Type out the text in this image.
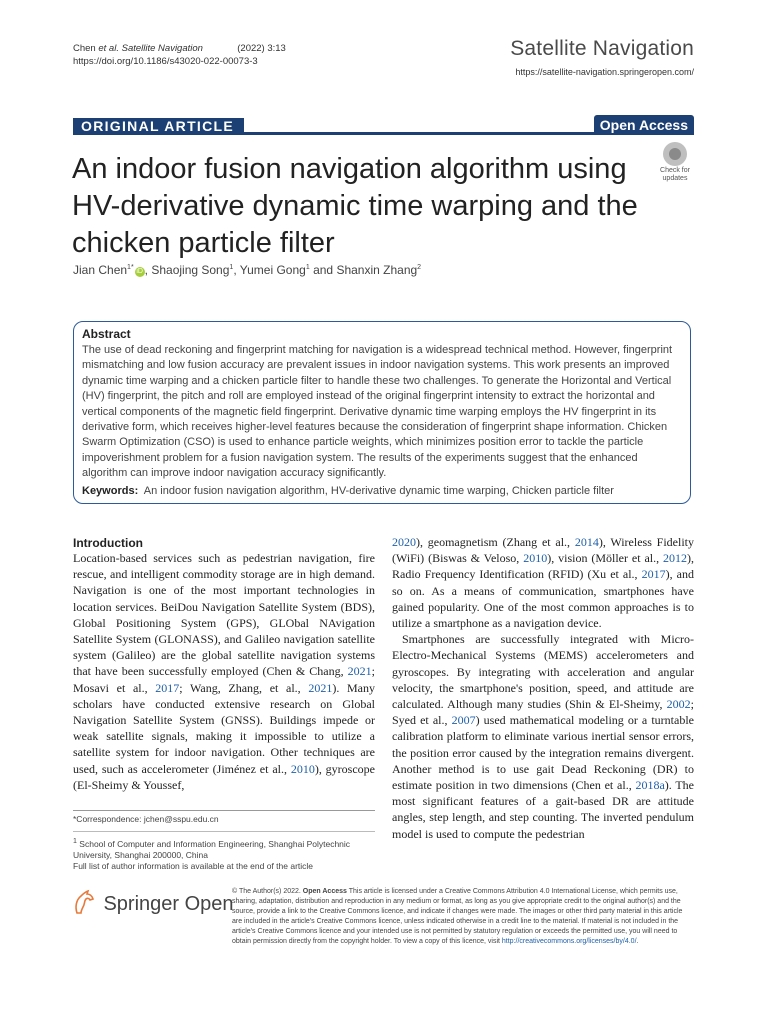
Chen et al. Satellite Navigation	(2022) 3:13
https://doi.org/10.1186/s43020-022-00073-3
Satellite Navigation
https://satellite-navigation.springeropen.com/
ORIGINAL ARTICLE	Open Access
An indoor fusion navigation algorithm using HV-derivative dynamic time warping and the chicken particle filter
Check for
updates
Jian Chen$^{1*}$iD , Shaojing Song$^1$, Yumei Gong$^1$ and Shanxin Zhang$^2$
Abstract

The use of dead reckoning and fingerprint matching for navigation is a widespread technical method. However, fingerprint mismatching and low fusion accuracy are prevalent issues in indoor navigation systems. This work presents an improved dynamic time warping and a chicken particle filter to handle these two challenges. To generate the Horizontal and Vertical (HV) fingerprint, the pitch and roll are employed instead of the original fingerprint intensity to extract the horizontal and vertical components of the magnetic field fingerprint. Derivative dynamic time warping employs the HV fingerprint in its derivative form, which receives higher-level features because the consideration of fingerprint shape information. Chicken Swarm Optimization (CSO) is used to enhance particle weights, which minimizes position error to tackle the particle impoverishment problem for a fusion navigation system. The results of the experiments suggest that the enhanced algorithm can improve indoor navigation accuracy significantly.

Keywords: An indoor fusion navigation algorithm, HV-derivative dynamic time warping, Chicken particle filter
Introduction

Location-based services such as pedestrian navigation, fire rescue, and intelligent commodity storage are in high demand. Navigation is one of the most important technologies in location services. BeiDou Navigation Satellite System (BDS), Global Positioning System (GPS), GLObal NAvigation Satellite System (GLONASS), and Galileo navigation satellite system (Galileo) are the global satellite navigation systems that have been successfully employed (Chen & Chang, 2021; Mosavi et al., 2017; Wang, Zhang, et al., 2021). Many scholars have conducted extensive research on Global Navigation Satellite System (GNSS). Buildings impede or weak satellite signals, making it impossible to utilize a satellite system for indoor navigation. Other techniques are used, such as accelerometer (Jiménez et al., 2010), gyroscope (El-Sheimy & Youssef,

2020), geomagnetism (Zhang et al., 2014), Wireless Fidelity (WiFi) (Biswas & Veloso, 2010), vision (Möller et al., 2012), Radio Frequency Identification (RFID) (Xu et al., 2017), and so on. As a means of communication, smartphones have gained popularity. One of the most common approaches is to utilize a smartphone as a navigation device.

Smartphones are successfully integrated with Micro-Electro-Mechanical Systems (MEMS) accelerometers and gyroscopes. By integrating with acceleration and angular velocity, the smartphone's position, speed, and attitude are calculated. Although many studies (Shin & El-Sheimy, 2002; Syed et al., 2007) used mathematical modeling or a turntable calibration platform to eliminate various inertial sensor errors, the position error caused by the integration remains divergent. Another method is to use gait Dead Reckoning (DR) to estimate position in two dimensions (Chen et al., 2018a). The most significant features of a gait-based DR are attitude angles, step length, and step counting. The inverted pendulum model is used to compute the pedestrian

*Correspondence: jchen@sspu.edu.cn
$^1$ School of Computer and Information Engineering, Shanghai Polytechnic University, Shanghai 200000, China
Full list of author information is available at the end of the article
Springer Open
© The Author(s) 2022. Open Access This article is licensed under a Creative Commons Attribution 4.0 International License, which permits use, sharing, adaptation, distribution and reproduction in any medium or format, as long as you give appropriate credit to the original author(s) and the source, provide a link to the Creative Commons licence, and indicate if changes were made. The images or other third party material in this article are included in the article's Creative Commons licence, unless indicated otherwise in a credit line to the material. If material is not included in the article's Creative Commons licence and your intended use is not permitted by statutory regulation or exceeds the permitted use, you will need to obtain permission directly from the copyright holder. To view a copy of this licence, visit http://creativecommons.org/licenses/by/4.0/.
